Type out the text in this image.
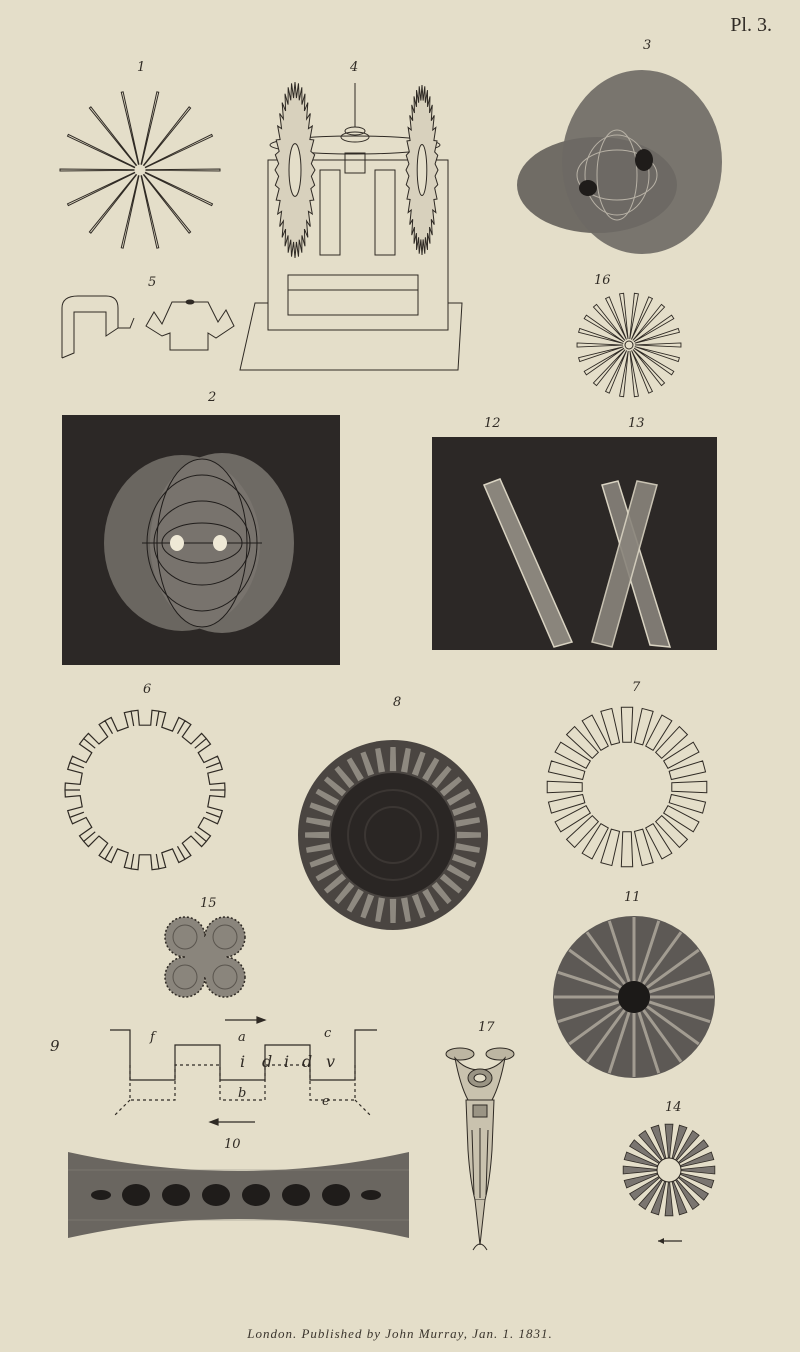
Pl. 3.
1	4
3
5	16
2
12	13
6
8
7
15	11
9	f	a	c
b
e
i d i d v
17
10
14
London. Published by John Murray, Jan. 1. 1831.
